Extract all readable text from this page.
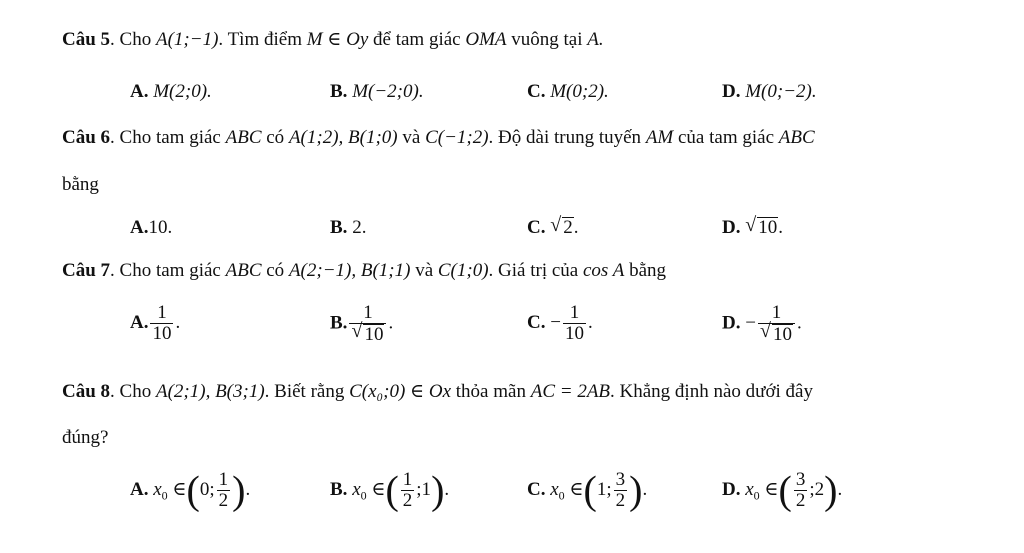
Câu 5. Cho A(1;−1). Tìm điểm M ∈ Oy để tam giác OMA vuông tại A.
A. M(2;0).	B. M(−2;0).	C. M(0;2).	D. M(0;−2).
Câu 6. Cho tam giác ABC có A(1;2), B(1;0) và C(−1;2). Độ dài trung tuyến AM của tam giác ABC
bằng
A.10.	B. 2.	C. √ 2.	D. √ 10.
Câu 7. Cho tam giác ABC có A(2;−1), B(1;1) và C(1;0). Giá trị của cos A bằng
A. $\frac{1}{10}$ .	B. $\frac{1}{√ 10}$ .	C. − $\frac{1}{10}$ .	D. − $\frac{1}{√ 10}$ .
Câu 8. Cho A(2;1), B(3;1). Biết rằng C(x₀;0) ∈ Ox thỏa mãn AC = 2AB. Khẳng định nào dưới đây
đúng?
A. $x_0$ ∈(0; $\frac{1}{2}$ ).	B. $x_0$ ∈( $\frac{1}{2}$ ;1).	C. $x_0$ ∈(1; $\frac{3}{2}$ ).	D. $x_0$ ∈( $\frac{3}{2}$ ;2).
